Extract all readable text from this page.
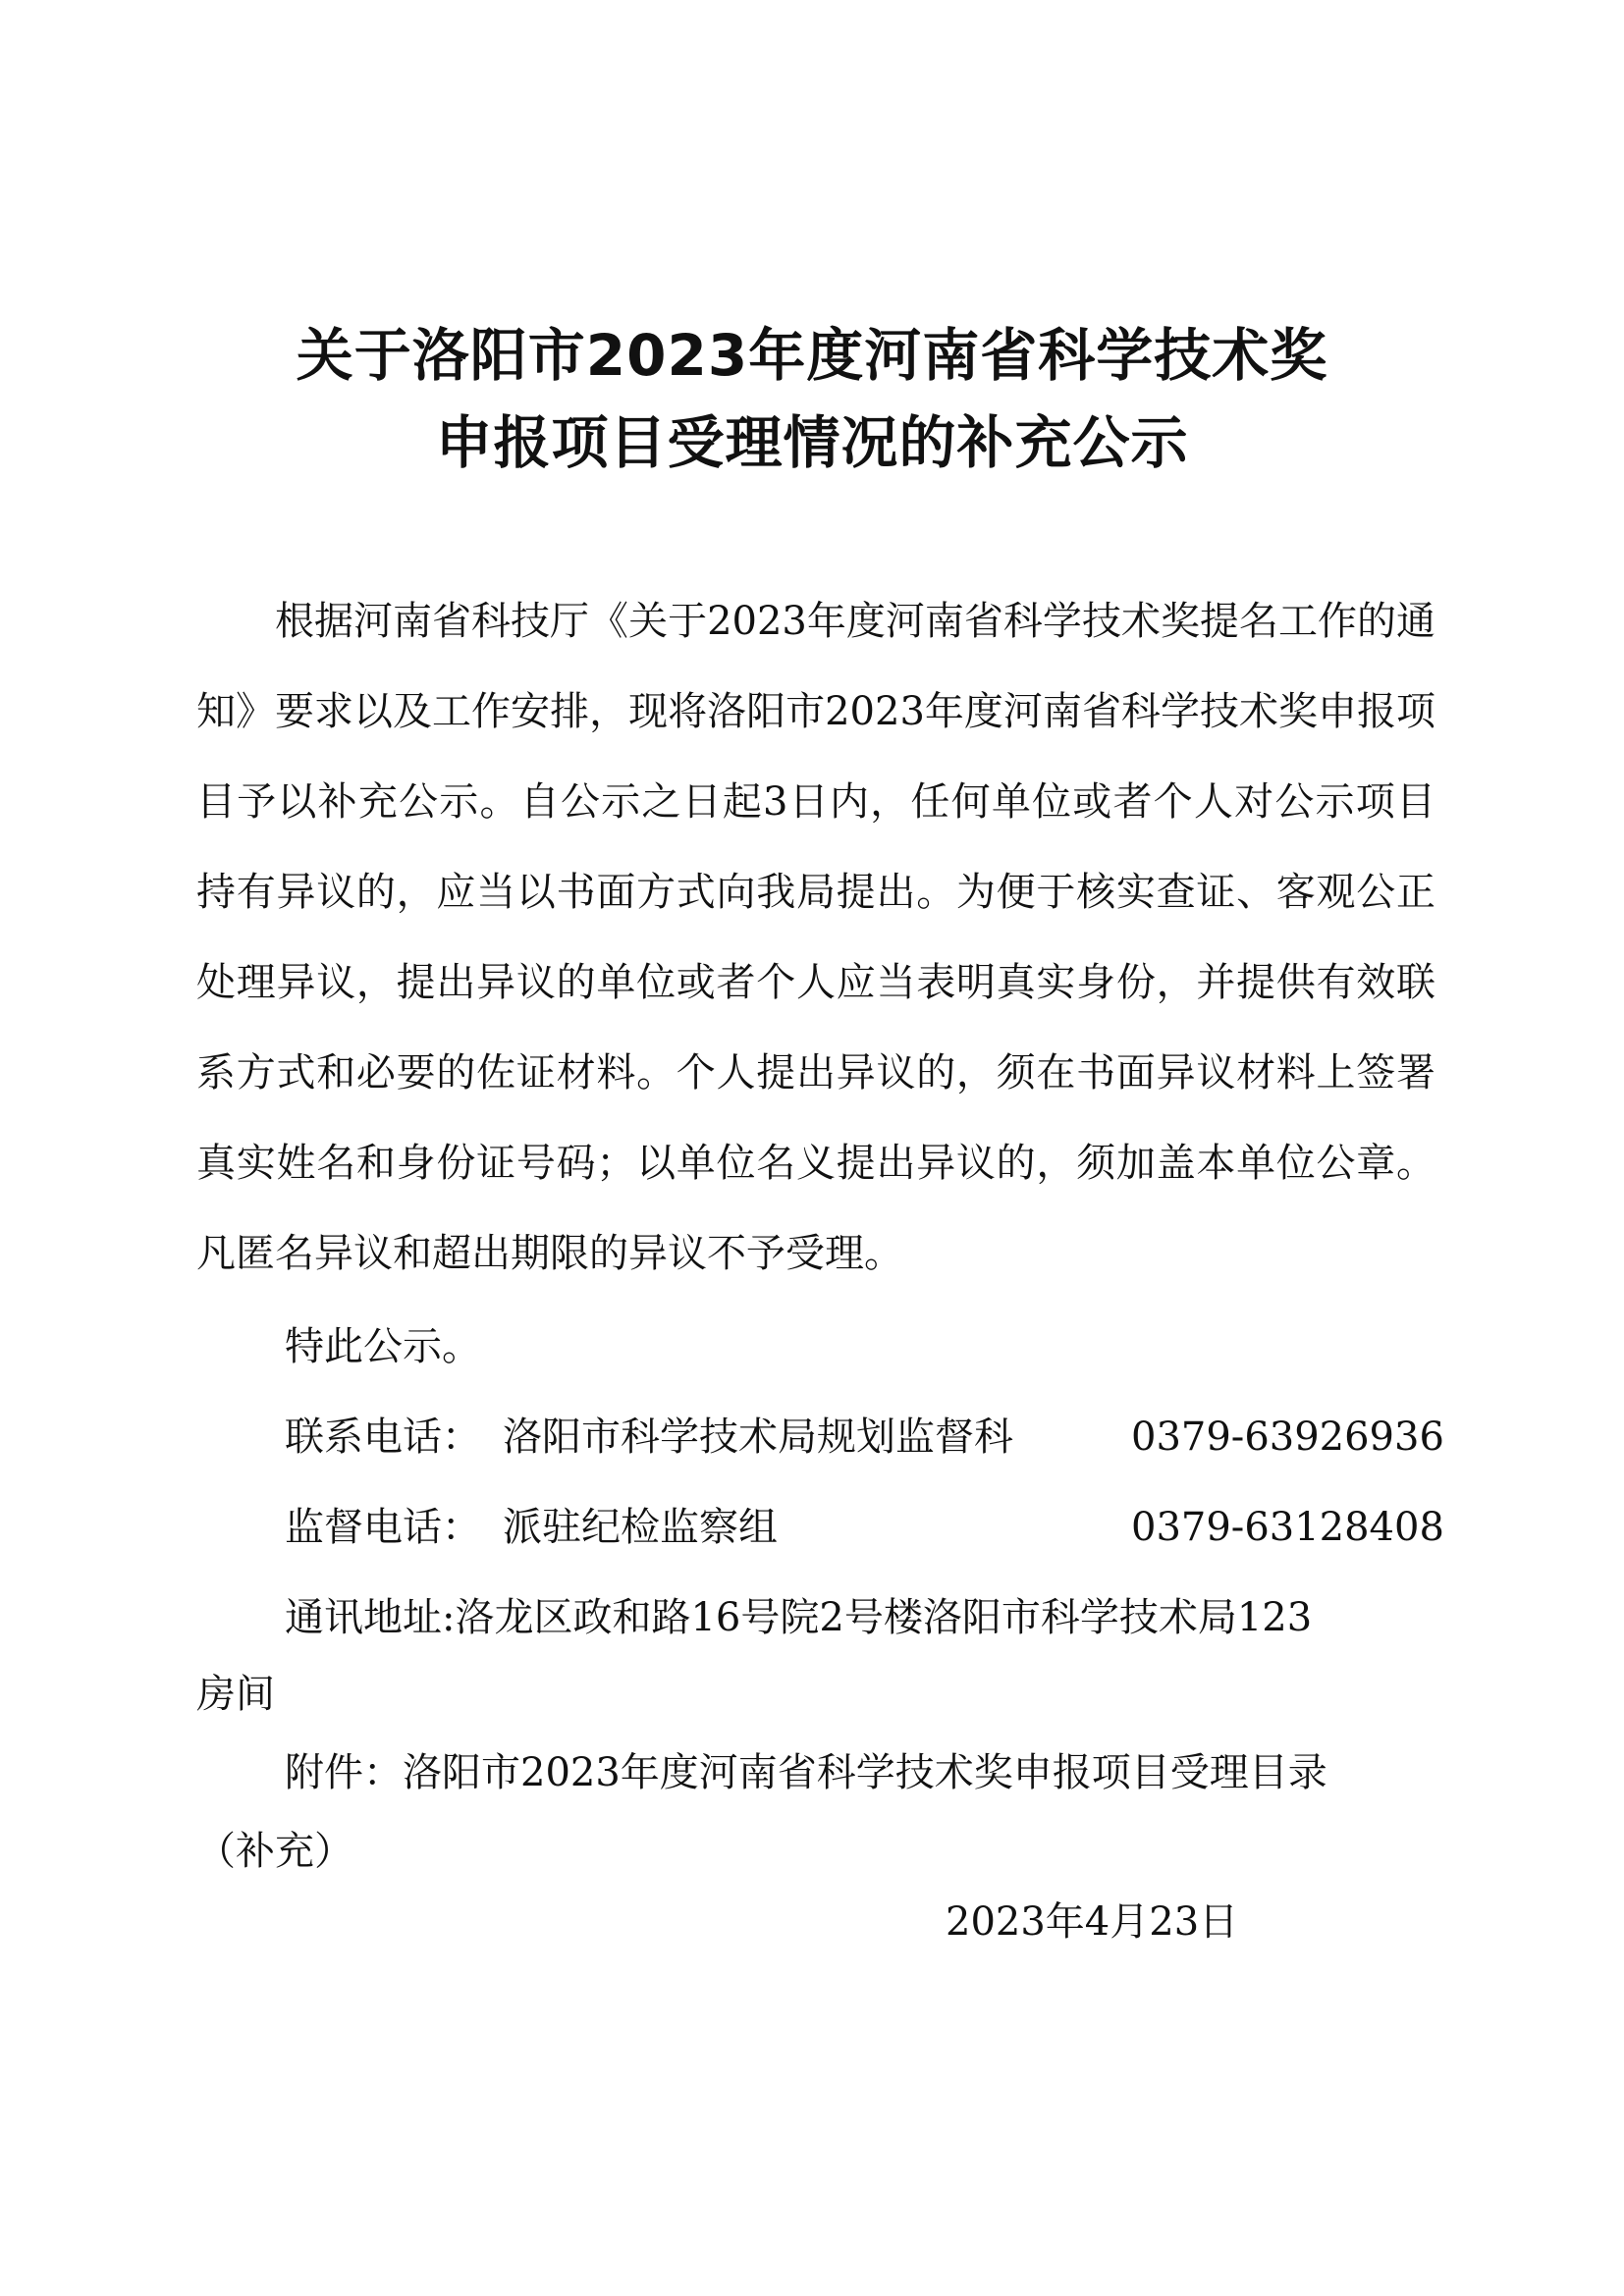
关于洛阳市2023年度河南省科学技术奖
申报项目受理情况的补充公示

根据河南省科技厅《关于2023年度河南省科学技术奖提名工作的通知》要求以及工作安排，现将洛阳市2023年度河南省科学技术奖申报项目予以补充公示。自公示之日起3日内，任何单位或者个人对公示项目持有异议的，应当以书面方式向我局提出。为便于核实查证、客观公正处理异议，提出异议的单位或者个人应当表明真实身份，并提供有效联系方式和必要的佐证材料。个人提出异议的，须在书面异议材料上签署真实姓名和身份证号码；以单位名义提出异议的，须加盖本单位公章。凡匿名异议和超出期限的异议不予受理。

特此公示。
联系电话： 洛阳市科学技术局规划监督科	0379-63926936
监督电话： 派驻纪检监察组	0379-63128408
通讯地址:洛龙区政和路16号院2号楼洛阳市科学技术局123
房间
附件：洛阳市2023年度河南省科学技术奖申报项目受理目录
（补充）
2023年4月23日
